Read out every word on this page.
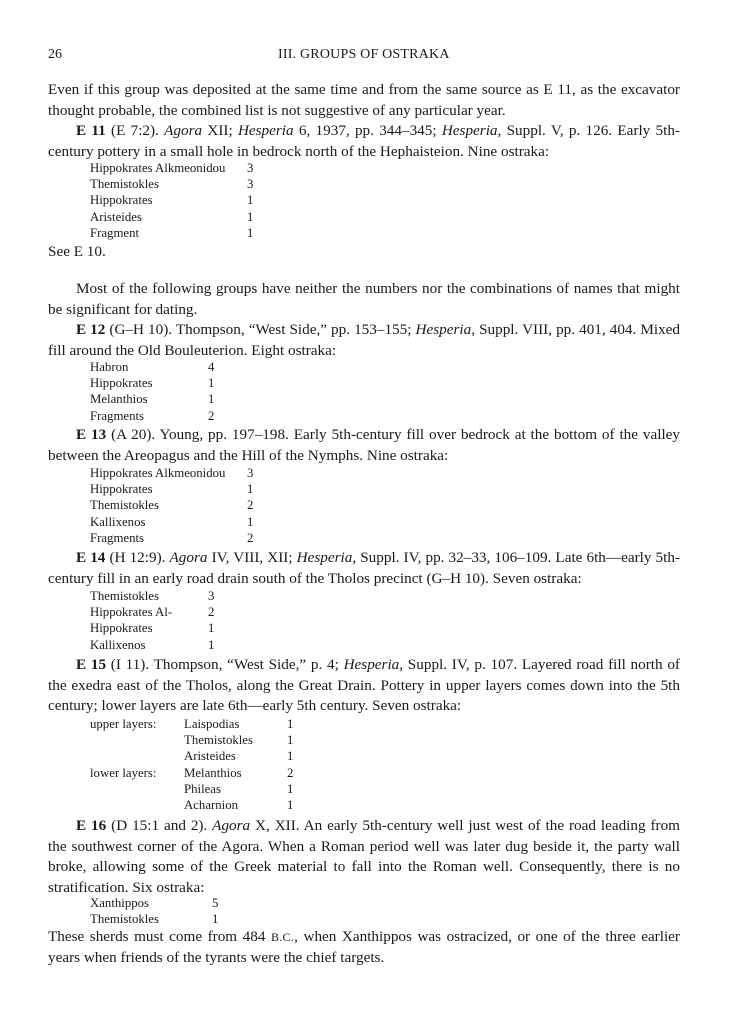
26	III. GROUPS OF OSTRAKA
Even if this group was deposited at the same time and from the same source as E 11, as the excavator thought probable, the combined list is not suggestive of any particular year.
E 11 (E 7:2). Agora XII; Hesperia 6, 1937, pp. 344–345; Hesperia, Suppl. V, p. 126. Early 5th-century pottery in a small hole in bedrock north of the Hephaisteion. Nine ostraka:
Hippokrates Alkmeonidou	3
Themistokles	3
Hippokrates	1
Aristeides	1
Fragment	1
See E 10.
Most of the following groups have neither the numbers nor the combinations of names that might be significant for dating.
E 12 (G–H 10). Thompson, “West Side,” pp. 153–155; Hesperia, Suppl. VIII, pp. 401, 404. Mixed fill around the Old Bouleuterion. Eight ostraka:
Habron	4
Hippokrates	1
Melanthios	1
Fragments	2
E 13 (A 20). Young, pp. 197–198. Early 5th-century fill over bedrock at the bottom of the valley between the Areopagus and the Hill of the Nymphs. Nine ostraka:
Hippokrates Alkmeonidou	3
Hippokrates	1
Themistokles	2
Kallixenos	1
Fragments	2
E 14 (H 12:9). Agora IV, VIII, XII; Hesperia, Suppl. IV, pp. 32–33, 106–109. Late 6th—early 5th-century fill in an early road drain south of the Tholos precinct (G–H 10). Seven ostraka:
Themistokles	3
Hippokrates Al-	2
Hippokrates	1
Kallixenos	1
E 15 (I 11). Thompson, “West Side,” p. 4; Hesperia, Suppl. IV, p. 107. Layered road fill north of the exedra east of the Tholos, along the Great Drain. Pottery in upper layers comes down into the 5th century; lower layers are late 6th—early 5th century. Seven ostraka:
upper layers:	Laispodias	1
	Themistokles	1
	Aristeides	1
lower layers:	Melanthios	2
	Phileas	1
	Acharnion	1
E 16 (D 15:1 and 2). Agora X, XII. An early 5th-century well just west of the road leading from the southwest corner of the Agora. When a Roman period well was later dug beside it, the party wall broke, allowing some of the Greek material to fall into the Roman well. Consequently, there is no stratification. Six ostraka:
Xanthippos	5
Themistokles	1
These sherds must come from 484 B.C., when Xanthippos was ostracized, or one of the three earlier years when friends of the tyrants were the chief targets.
